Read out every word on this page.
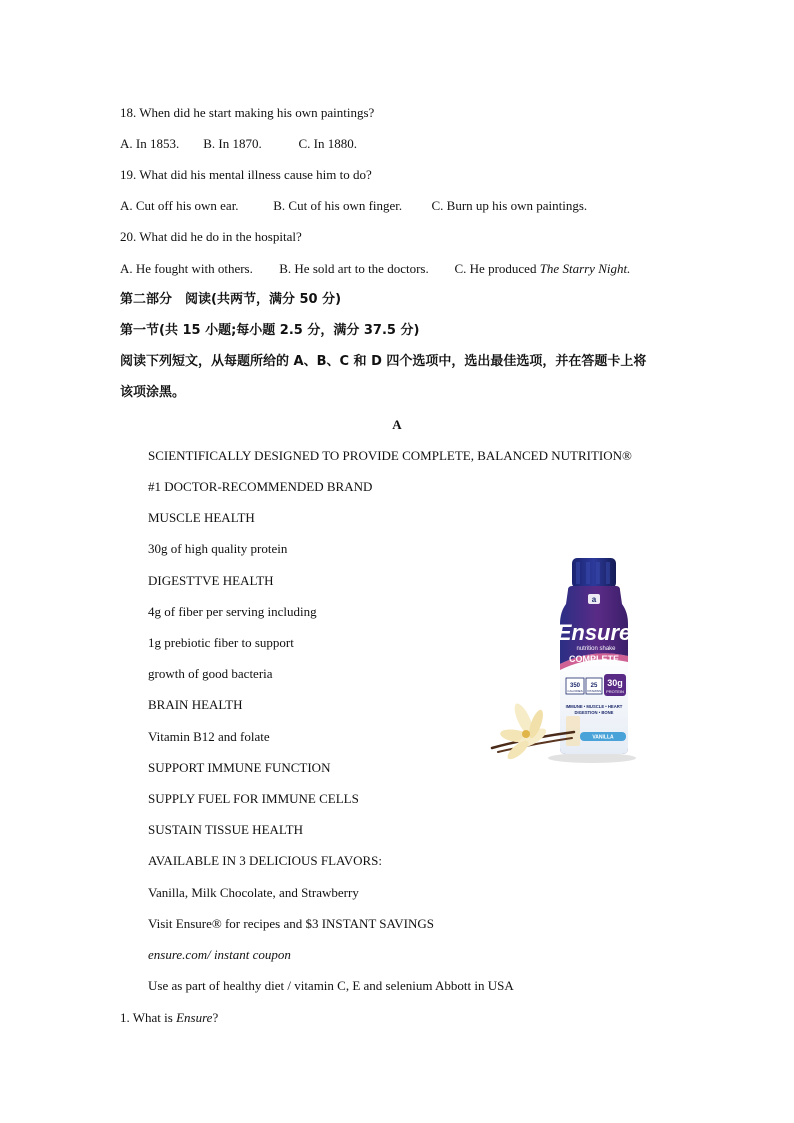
18. When did he start making his own paintings?
A. In 1853. B. In 1870.	C. In 1880.
19. What did his mental illness cause him to do?
A. Cut off his own ear.	B. Cut of his own finger. C. Burn up his own paintings.
20. What did he do in the hospital?
A. He fought with others. B. He sold art to the doctors. C. He produced The Starry Night.
第二部分　阅读(共两节，满分 50 分)
第一节(共 15 小题;每小题 2.5 分，满分 37.5 分)
阅读下列短文，从每题所给的 A、B、C 和 D 四个选项中，选出最佳选项，并在答题卡上将
该项涂黑。
A
SCIENTIFICALLY DESIGNED TO PROVIDE COMPLETE, BALANCED NUTRITION®
#1 DOCTOR-RECOMMENDED BRAND
MUSCLE HEALTH
30g of high quality protein
DIGESTTVE HEALTH
4g of fiber per serving including
1g prebiotic fiber to support
growth of good bacteria
BRAIN HEALTH
Vitamin B12 and folate
SUPPORT IMMUNE FUNCTION
SUPPLY FUEL FOR IMMUNE CELLS
SUSTAIN TISSUE HEALTH
AVAILABLE IN 3 DELICIOUS FLAVORS:
Vanilla, Milk Chocolate, and Strawberry
Visit Ensure® for recipes and $3 INSTANT SAVINGS
ensure.com/ instant coupon
Use as part of healthy diet / vitamin C, E and selenium Abbott in USA
1. What is Ensure?
a
Ensure
nutrition shake
COMPLETE
350
CALORIES
25
VITAMINS
30g
PROTEIN
IMMUNE • MUSCLE • HEART
DIGESTION • BONE
VANILLA
